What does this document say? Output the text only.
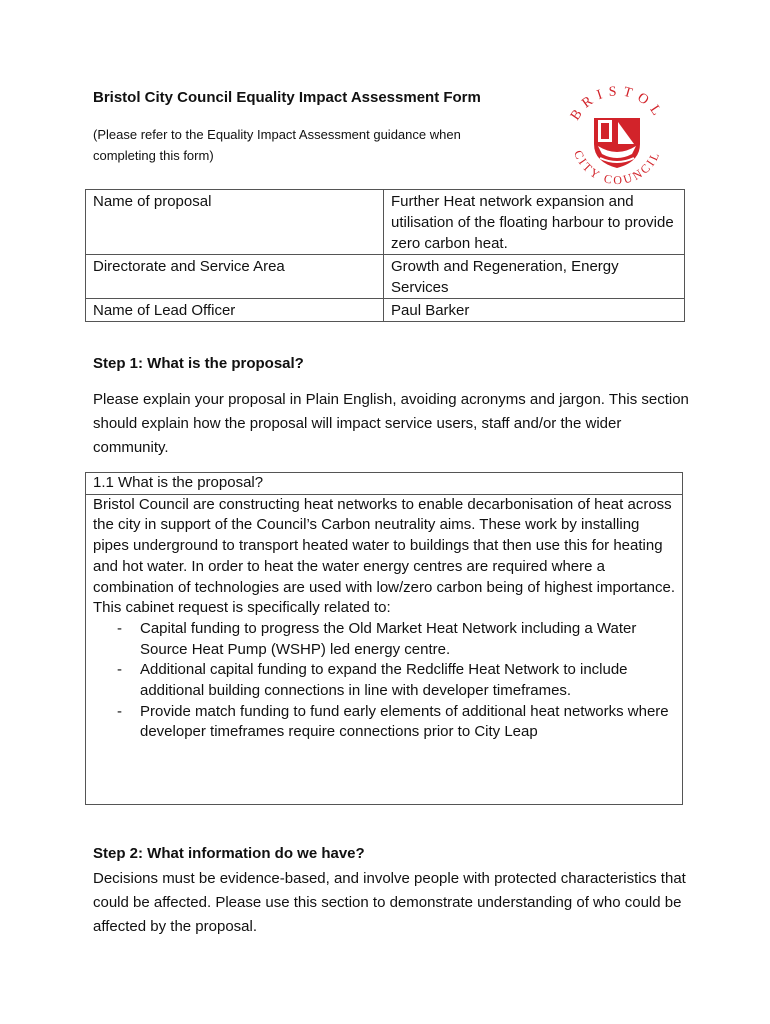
Bristol City Council Equality Impact Assessment Form
(Please refer to the Equality Impact Assessment guidance when completing this form)
BRISTOL
CITY COUNCIL
Name of proposal	Further Heat network expansion and utilisation of the floating harbour to provide zero carbon heat.
Directorate and Service Area	Growth and Regeneration, Energy Services
Name of Lead Officer	Paul Barker
Step 1: What is the proposal?
Please explain your proposal in Plain English, avoiding acronyms and jargon. This section should explain how the proposal will impact service users, staff and/or the wider community.
1.1 What is the proposal?
Bristol Council are constructing heat networks to enable decarbonisation of heat across the city in support of the Council’s Carbon neutrality aims. These work by installing pipes underground to transport heated water to buildings that then use this for heating and hot water. In order to heat the water energy centres are required where a combination of technologies are used with low/zero carbon being of highest importance. This cabinet request is specifically related to:
- Capital funding to progress the Old Market Heat Network including a Water Source Heat Pump (WSHP) led energy centre.
- Additional capital funding to expand the Redcliffe Heat Network to include additional building connections in line with developer timeframes.
- Provide match funding to fund early elements of additional heat networks where developer timeframes require connections prior to City Leap
Step 2: What information do we have?
Decisions must be evidence-based, and involve people with protected characteristics that could be affected. Please use this section to demonstrate understanding of who could be affected by the proposal.
